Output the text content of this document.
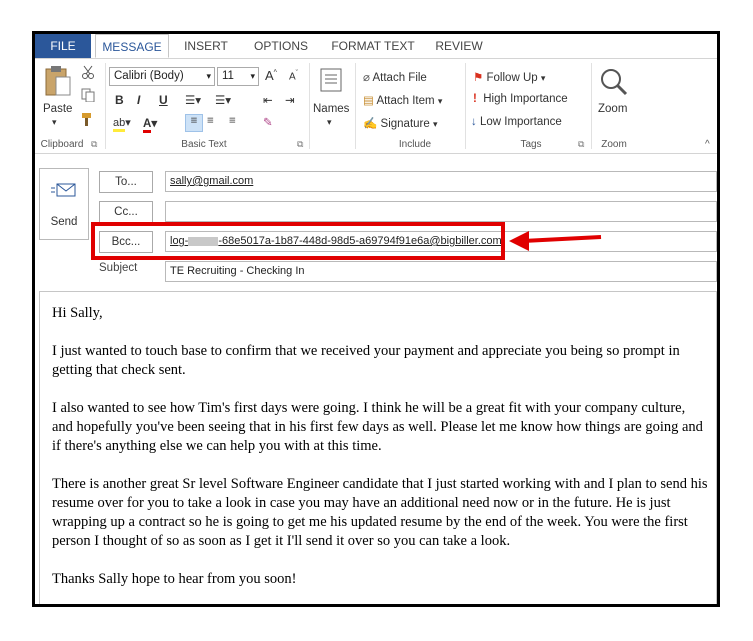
FILE	MESSAGE	INSERT	OPTIONS	FORMAT TEXT	REVIEW
Paste
▾
Clipboard ⧉
Calibri (Body)	▾ 11 ▾ A^ $A^ˇ$
B I U ☰▾ ☰▾	⇤ ⇥
ab▾ A▾	≡ ≡ ≡ ✎
Basic Text	⧉
Names
▾
⌀ Attach File
▤ Attach Item ▾
✍ Signature ▾
Include
⚑ Follow Up ▾
! High Importance
↓ Low Importance
Tags	⧉
Zoom
Zoom	^
Send
To...	sally@gmail.com
Cc...
Bcc...	log-	-68e5017a-1b87-448d-98d5-a69794f91e6a@bigbiller.com
Subject	TE Recruiting - Checking In

Hi Sally,

I just wanted to touch base to confirm that we received your payment and appreciate you being so prompt in getting that check sent.

I also wanted to see how Tim's first days were going. I think he will be a great fit with your company culture, and hopefully you've been seeing that in his first few days as well. Please let me know how things are going and if there's anything else we can help you with at this time.

There is another great Sr level Software Engineer candidate that I just started working with and I plan to send his resume over for you to take a look in case you may have an additional need now or in the future. He is just wrapping up a contract so he is going to get me his updated resume by the end of the week. You were the first person I thought of so as soon as I get it I'll send it over so you can take a look.

Thanks Sally hope to hear from you soon!
